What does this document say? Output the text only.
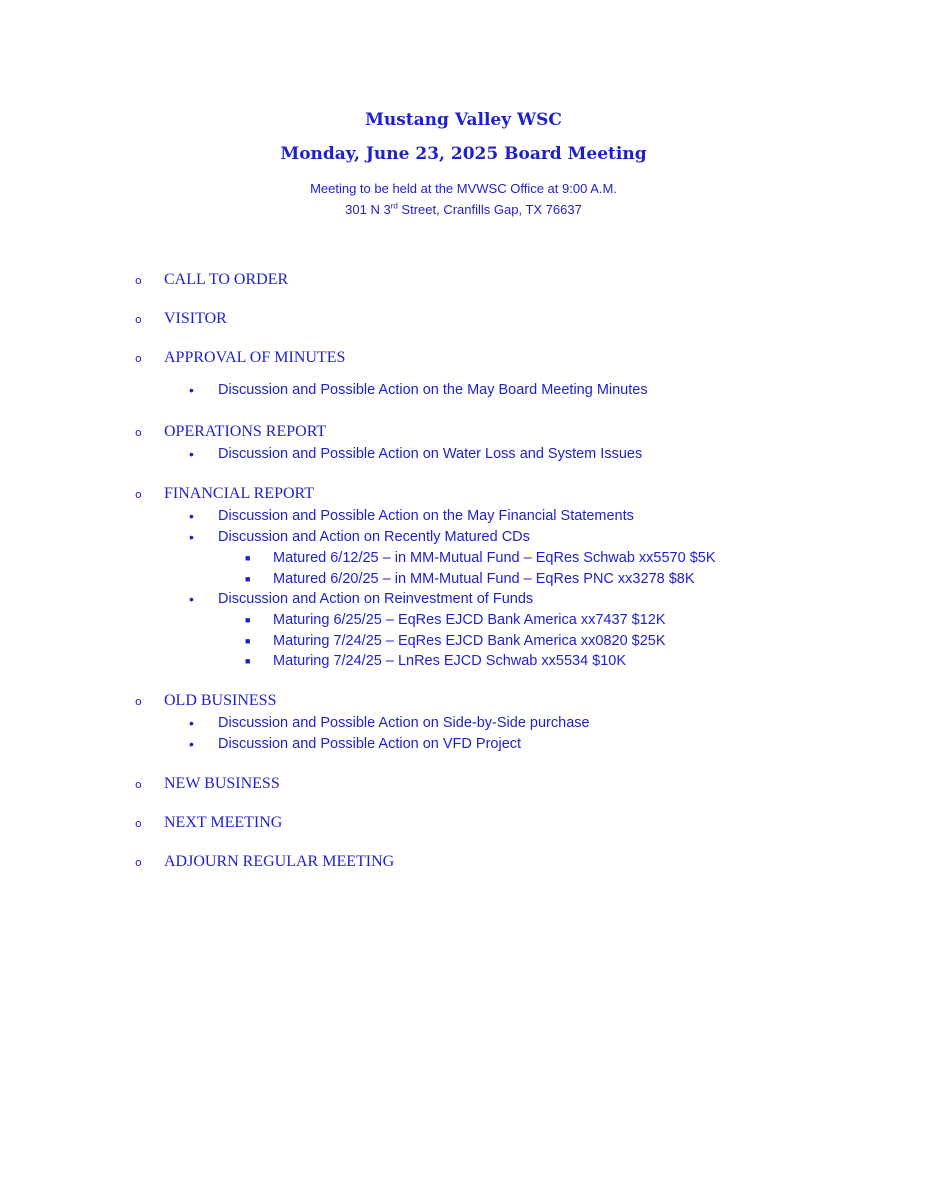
Mustang Valley WSC

Monday, June 23, 2025 Board Meeting

Meeting to be held at the MVWSC Office at 9:00 A.M.

301 N 3rd Street, Cranfills Gap, TX 76637

o CALL TO ORDER
o VISITOR
o APPROVAL OF MINUTES
• Discussion and Possible Action on the May Board Meeting Minutes
o OPERATIONS REPORT
• Discussion and Possible Action on Water Loss and System Issues
o FINANCIAL REPORT
• Discussion and Possible Action on the May Financial Statements
• Discussion and Action on Recently Matured CDs
■ Matured 6/12/25 – in MM-Mutual Fund – EqRes Schwab xx5570 $5K
■ Matured 6/20/25 – in MM-Mutual Fund – EqRes PNC xx3278 $8K
• Discussion and Action on Reinvestment of Funds
■ Maturing 6/25/25 – EqRes EJCD Bank America xx7437 $12K
■ Maturing 7/24/25 – EqRes EJCD Bank America xx0820 $25K
■ Maturing 7/24/25 – LnRes EJCD Schwab xx5534 $10K
o OLD BUSINESS
• Discussion and Possible Action on Side-by-Side purchase
• Discussion and Possible Action on VFD Project
o NEW BUSINESS
o NEXT MEETING
o ADJOURN REGULAR MEETING
